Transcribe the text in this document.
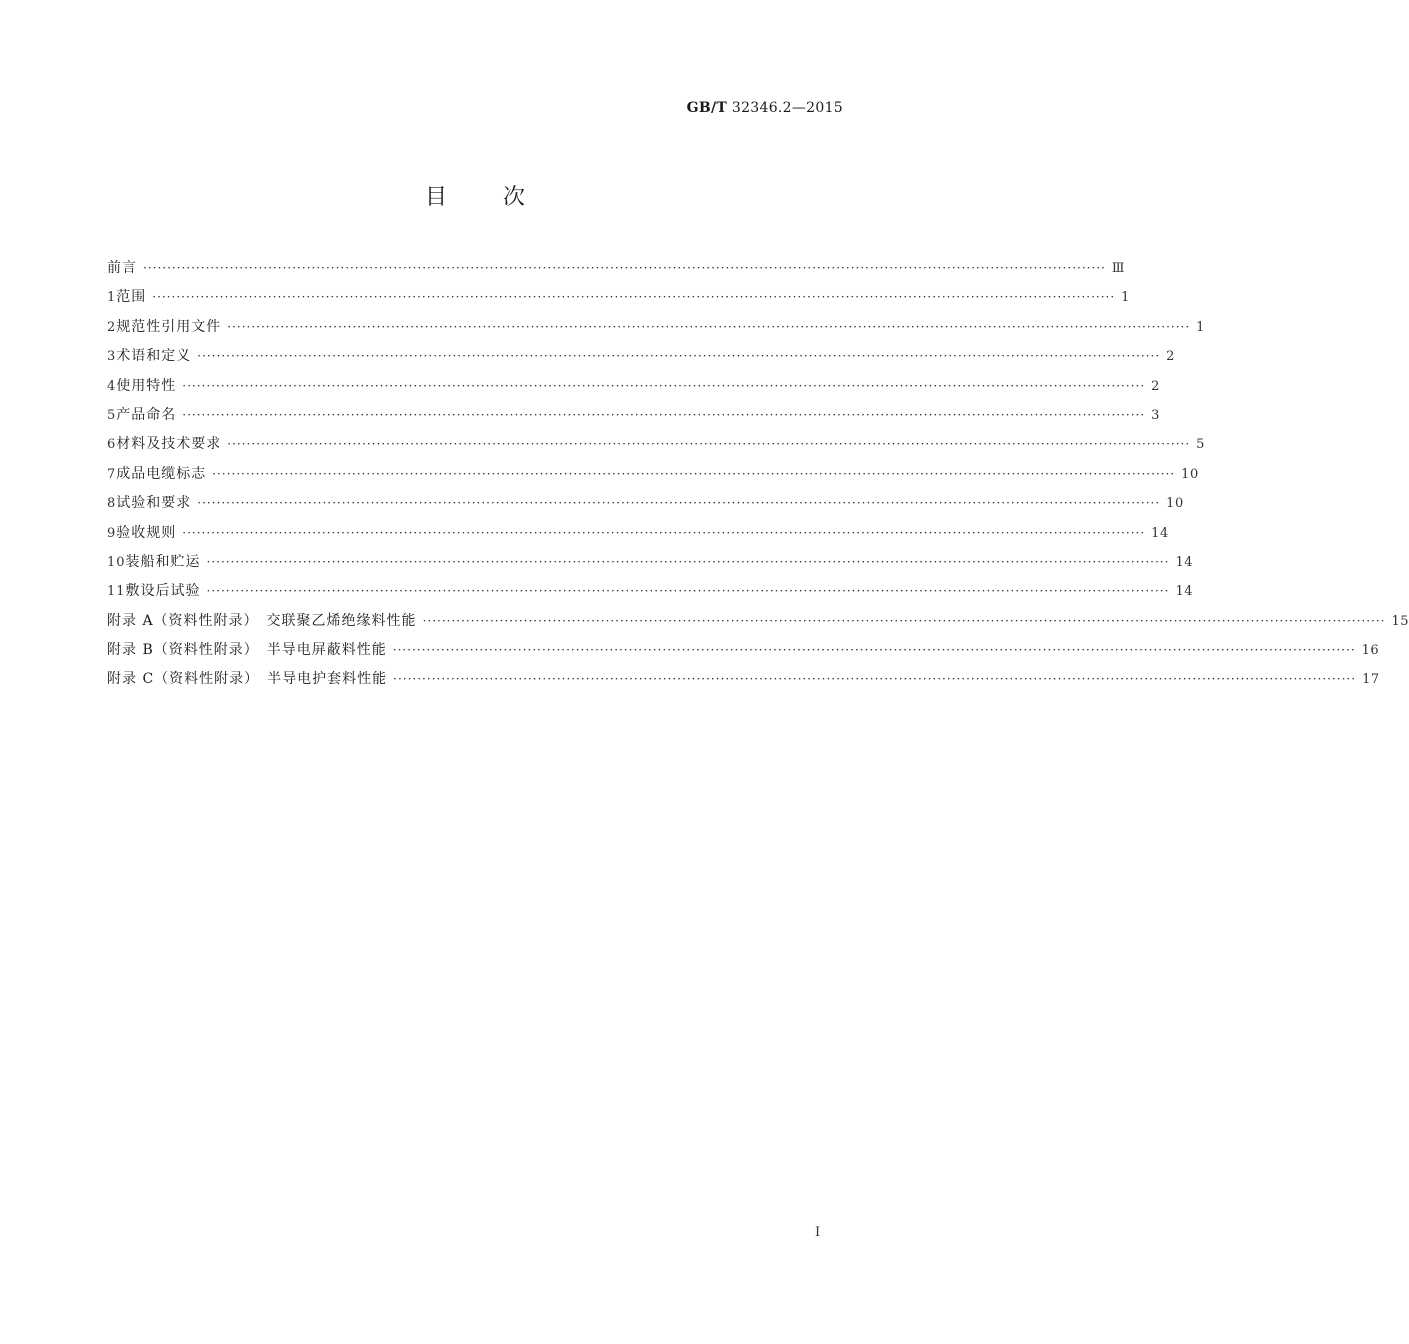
GB/T 32346.2—2015
目	次
前言 ········································································································································································································ Ⅲ
1 范围 ········································································································································································································ 1
2 规范性引用文件 ········································································································································································································ 1
3 术语和定义 ········································································································································································································ 2
4 使用特性 ········································································································································································································ 2
5 产品命名 ········································································································································································································ 3
6 材料及技术要求 ········································································································································································································ 5
7 成品电缆标志 ········································································································································································································ 10
8 试验和要求 ········································································································································································································ 10
9 验收规则 ········································································································································································································ 14
10 装船和贮运 ········································································································································································································ 14
11 敷设后试验 ········································································································································································································ 14
附录 A（资料性附录）　交联聚乙烯绝缘料性能 ········································································································································································································ 15
附录 B（资料性附录）　半导电屏蔽料性能 ········································································································································································································ 16
附录 C（资料性附录）　半导电护套料性能 ········································································································································································································ 17
I
